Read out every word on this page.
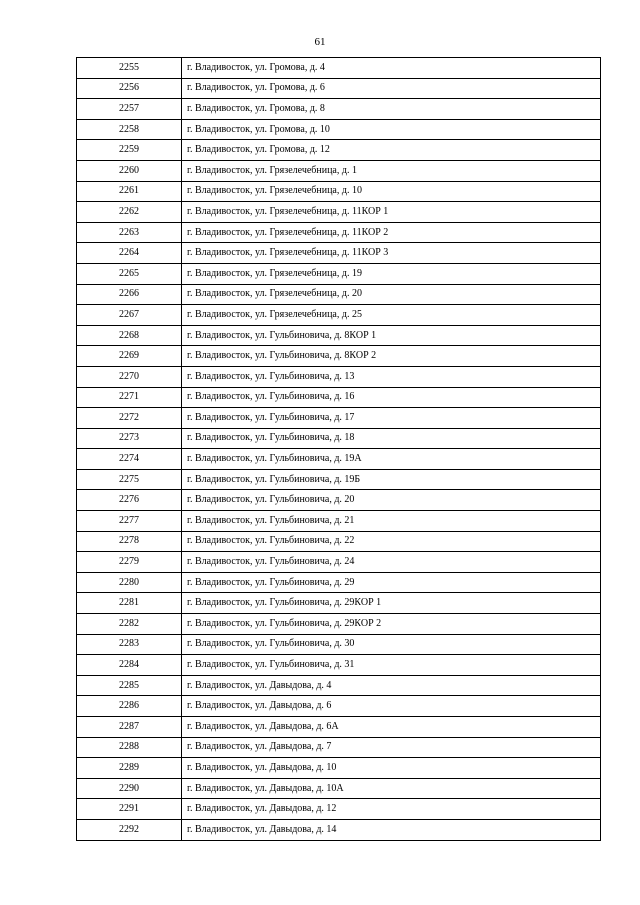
61
2255	г. Владивосток, ул. Громова, д. 4
2256	г. Владивосток, ул. Громова, д. 6
2257	г. Владивосток, ул. Громова, д. 8
2258	г. Владивосток, ул. Громова, д. 10
2259	г. Владивосток, ул. Громова, д. 12
2260	г. Владивосток, ул. Грязелечебница, д. 1
2261	г. Владивосток, ул. Грязелечебница, д. 10
2262	г. Владивосток, ул. Грязелечебница, д. 11КОР 1
2263	г. Владивосток, ул. Грязелечебница, д. 11КОР 2
2264	г. Владивосток, ул. Грязелечебница, д. 11КОР 3
2265	г. Владивосток, ул. Грязелечебница, д. 19
2266	г. Владивосток, ул. Грязелечебница, д. 20
2267	г. Владивосток, ул. Грязелечебница, д. 25
2268	г. Владивосток, ул. Гульбиновича, д. 8КОР 1
2269	г. Владивосток, ул. Гульбиновича, д. 8КОР 2
2270	г. Владивосток, ул. Гульбиновича, д. 13
2271	г. Владивосток, ул. Гульбиновича, д. 16
2272	г. Владивосток, ул. Гульбиновича, д. 17
2273	г. Владивосток, ул. Гульбиновича, д. 18
2274	г. Владивосток, ул. Гульбиновича, д. 19А
2275	г. Владивосток, ул. Гульбиновича, д. 19Б
2276	г. Владивосток, ул. Гульбиновича, д. 20
2277	г. Владивосток, ул. Гульбиновича, д. 21
2278	г. Владивосток, ул. Гульбиновича, д. 22
2279	г. Владивосток, ул. Гульбиновича, д. 24
2280	г. Владивосток, ул. Гульбиновича, д. 29
2281	г. Владивосток, ул. Гульбиновича, д. 29КОР 1
2282	г. Владивосток, ул. Гульбиновича, д. 29КОР 2
2283	г. Владивосток, ул. Гульбиновича, д. 30
2284	г. Владивосток, ул. Гульбиновича, д. 31
2285	г. Владивосток, ул. Давыдова, д. 4
2286	г. Владивосток, ул. Давыдова, д. 6
2287	г. Владивосток, ул. Давыдова, д. 6А
2288	г. Владивосток, ул. Давыдова, д. 7
2289	г. Владивосток, ул. Давыдова, д. 10
2290	г. Владивосток, ул. Давыдова, д. 10А
2291	г. Владивосток, ул. Давыдова, д. 12
2292	г. Владивосток, ул. Давыдова, д. 14
